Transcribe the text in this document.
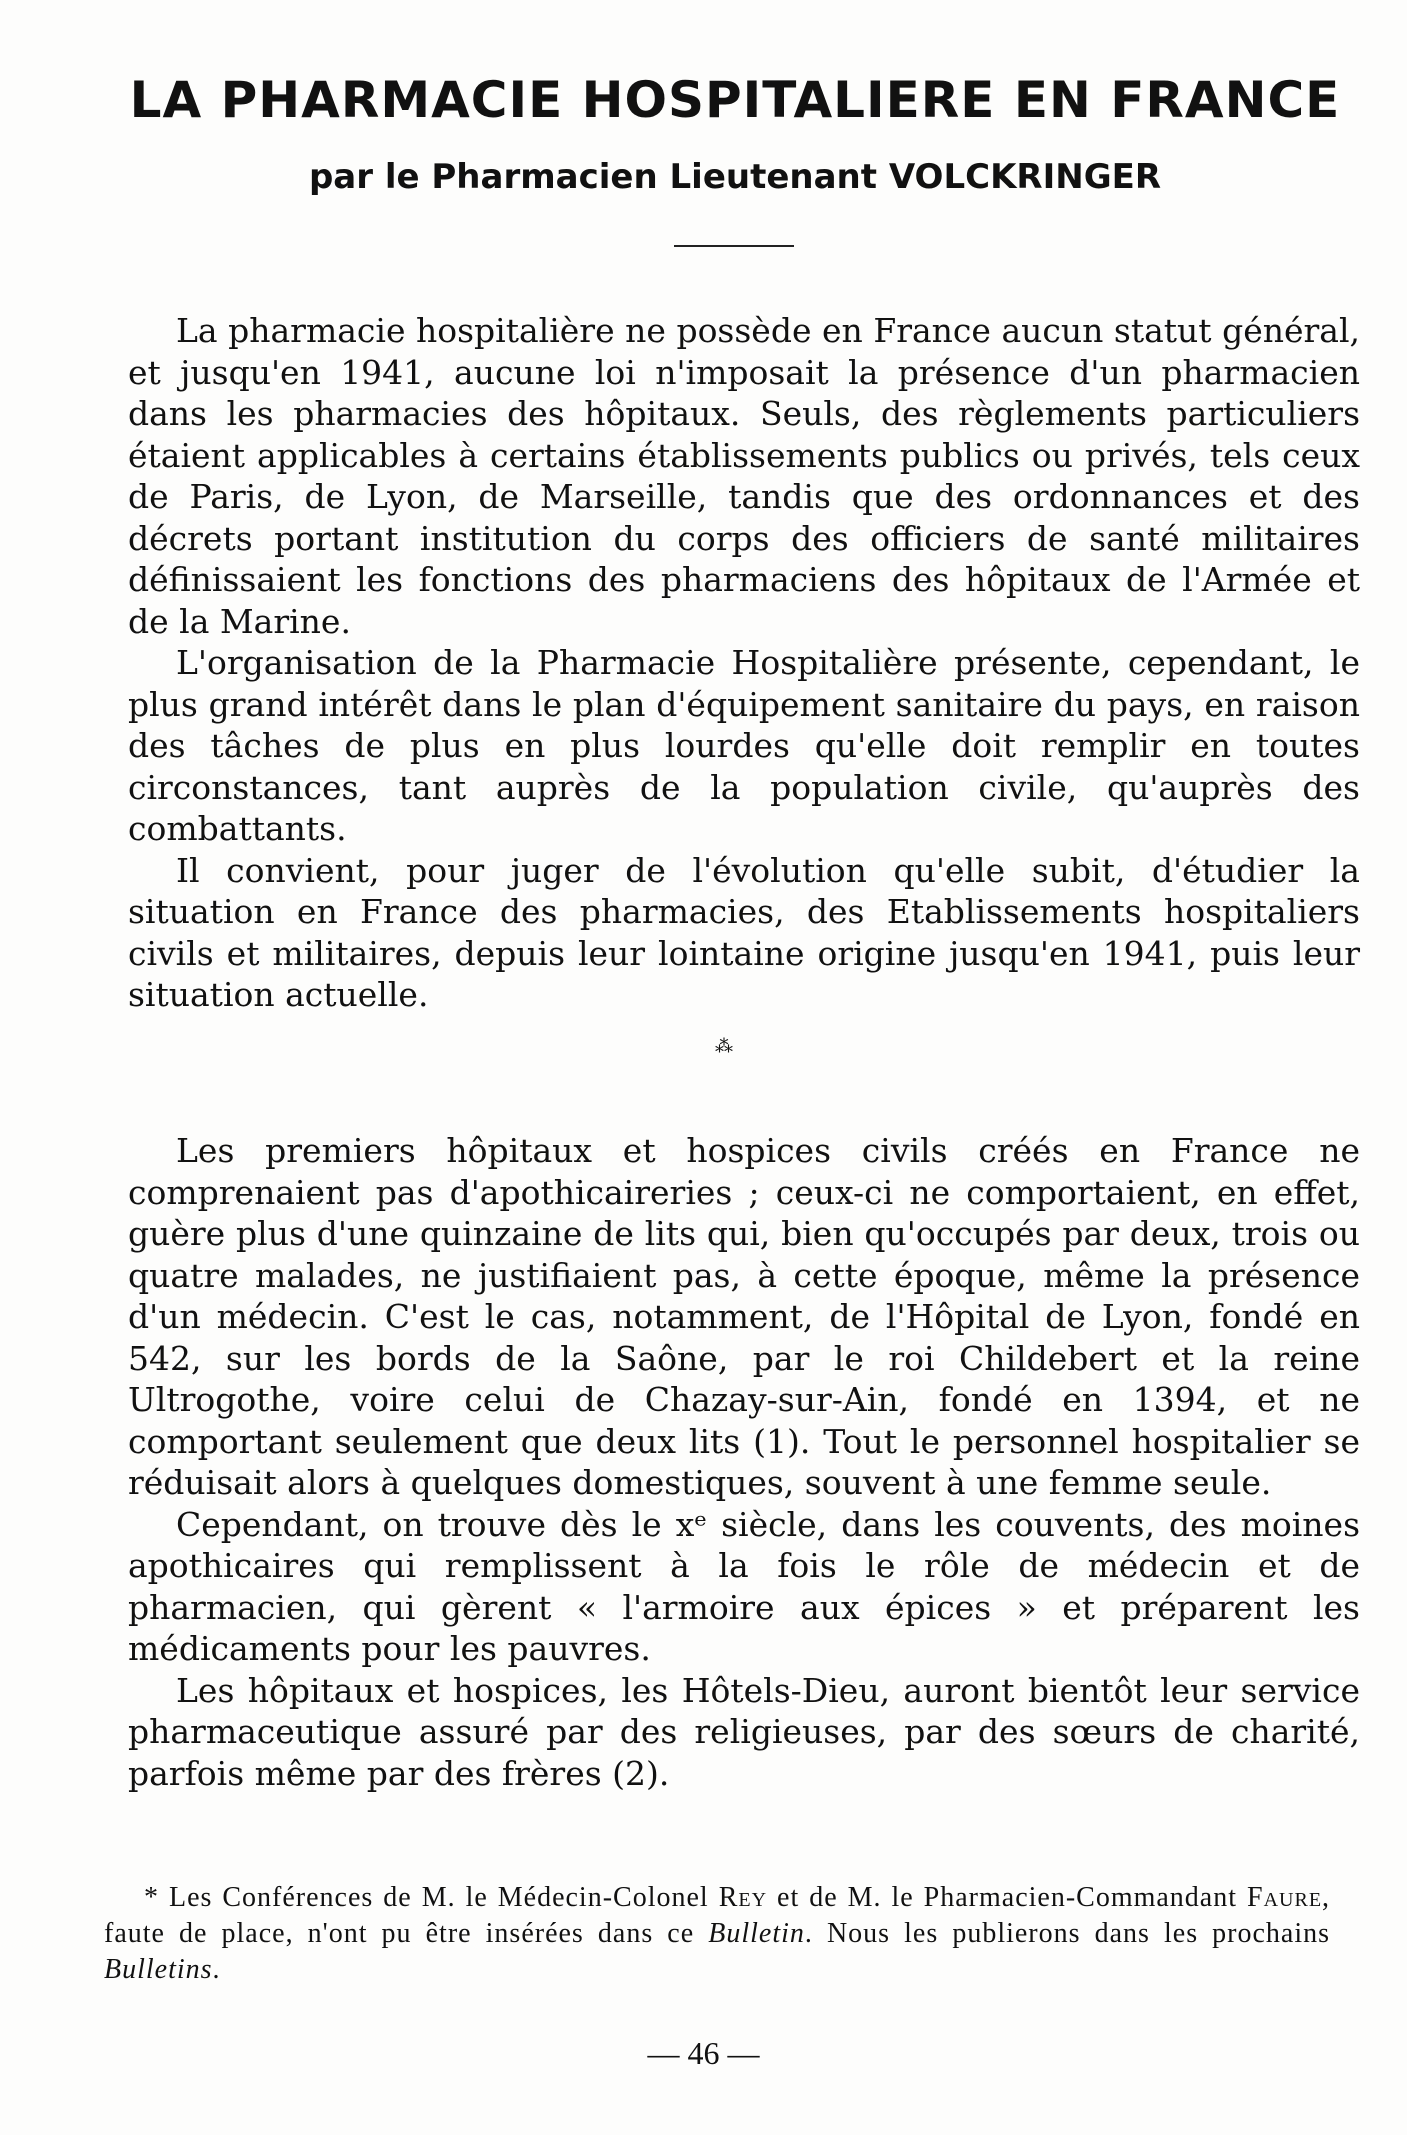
LA PHARMACIE HOSPITALIERE EN FRANCE
par le Pharmacien Lieutenant VOLCKRINGER

La pharmacie hospitalière ne possède en France aucun statut général, et jusqu'en 1941, aucune loi n'imposait la présence d'un pharmacien dans les pharmacies des hôpitaux. Seuls, des règlements particuliers étaient applicables à certains établissements publics ou privés, tels ceux de Paris, de Lyon, de Marseille, tandis que des ordonnances et des décrets portant institution du corps des officiers de santé militaires définissaient les fonctions des pharmaciens des hôpitaux de l'Armée et de la Marine.

L'organisation de la Pharmacie Hospitalière présente, cependant, le plus grand intérêt dans le plan d'équipement sanitaire du pays, en raison des tâches de plus en plus lourdes qu'elle doit remplir en toutes circonstances, tant auprès de la population civile, qu'auprès des combattants.

Il convient, pour juger de l'évolution qu'elle subit, d'étudier la situation en France des pharmacies, des Etablissements hospitaliers civils et militaires, depuis leur lointaine origine jusqu'en 1941, puis leur situation actuelle.

⁂

Les premiers hôpitaux et hospices civils créés en France ne comprenaient pas d'apothicaireries ; ceux-ci ne comportaient, en effet, guère plus d'une quinzaine de lits qui, bien qu'occupés par deux, trois ou quatre malades, ne justifiaient pas, à cette époque, même la présence d'un médecin. C'est le cas, notamment, de l'Hôpital de Lyon, fondé en 542, sur les bords de la Saône, par le roi Childebert et la reine Ultrogothe, voire celui de Chazay-sur-Ain, fondé en 1394, et ne comportant seulement que deux lits (1). Tout le personnel hospitalier se réduisait alors à quelques domestiques, souvent à une femme seule.

Cependant, on trouve dès le xᵉ siècle, dans les couvents, des moines apothicaires qui remplissent à la fois le rôle de médecin et de pharmacien, qui gèrent « l'armoire aux épices » et préparent les médicaments pour les pauvres.

Les hôpitaux et hospices, les Hôtels-Dieu, auront bientôt leur service pharmaceutique assuré par des religieuses, par des sœurs de charité, parfois même par des frères (2).

* Les Conférences de M. le Médecin-Colonel Rey et de M. le Pharmacien-Commandant Faure, faute de place, n'ont pu être insérées dans ce Bulletin. Nous les publierons dans les prochains Bulletins.

— 46 —
